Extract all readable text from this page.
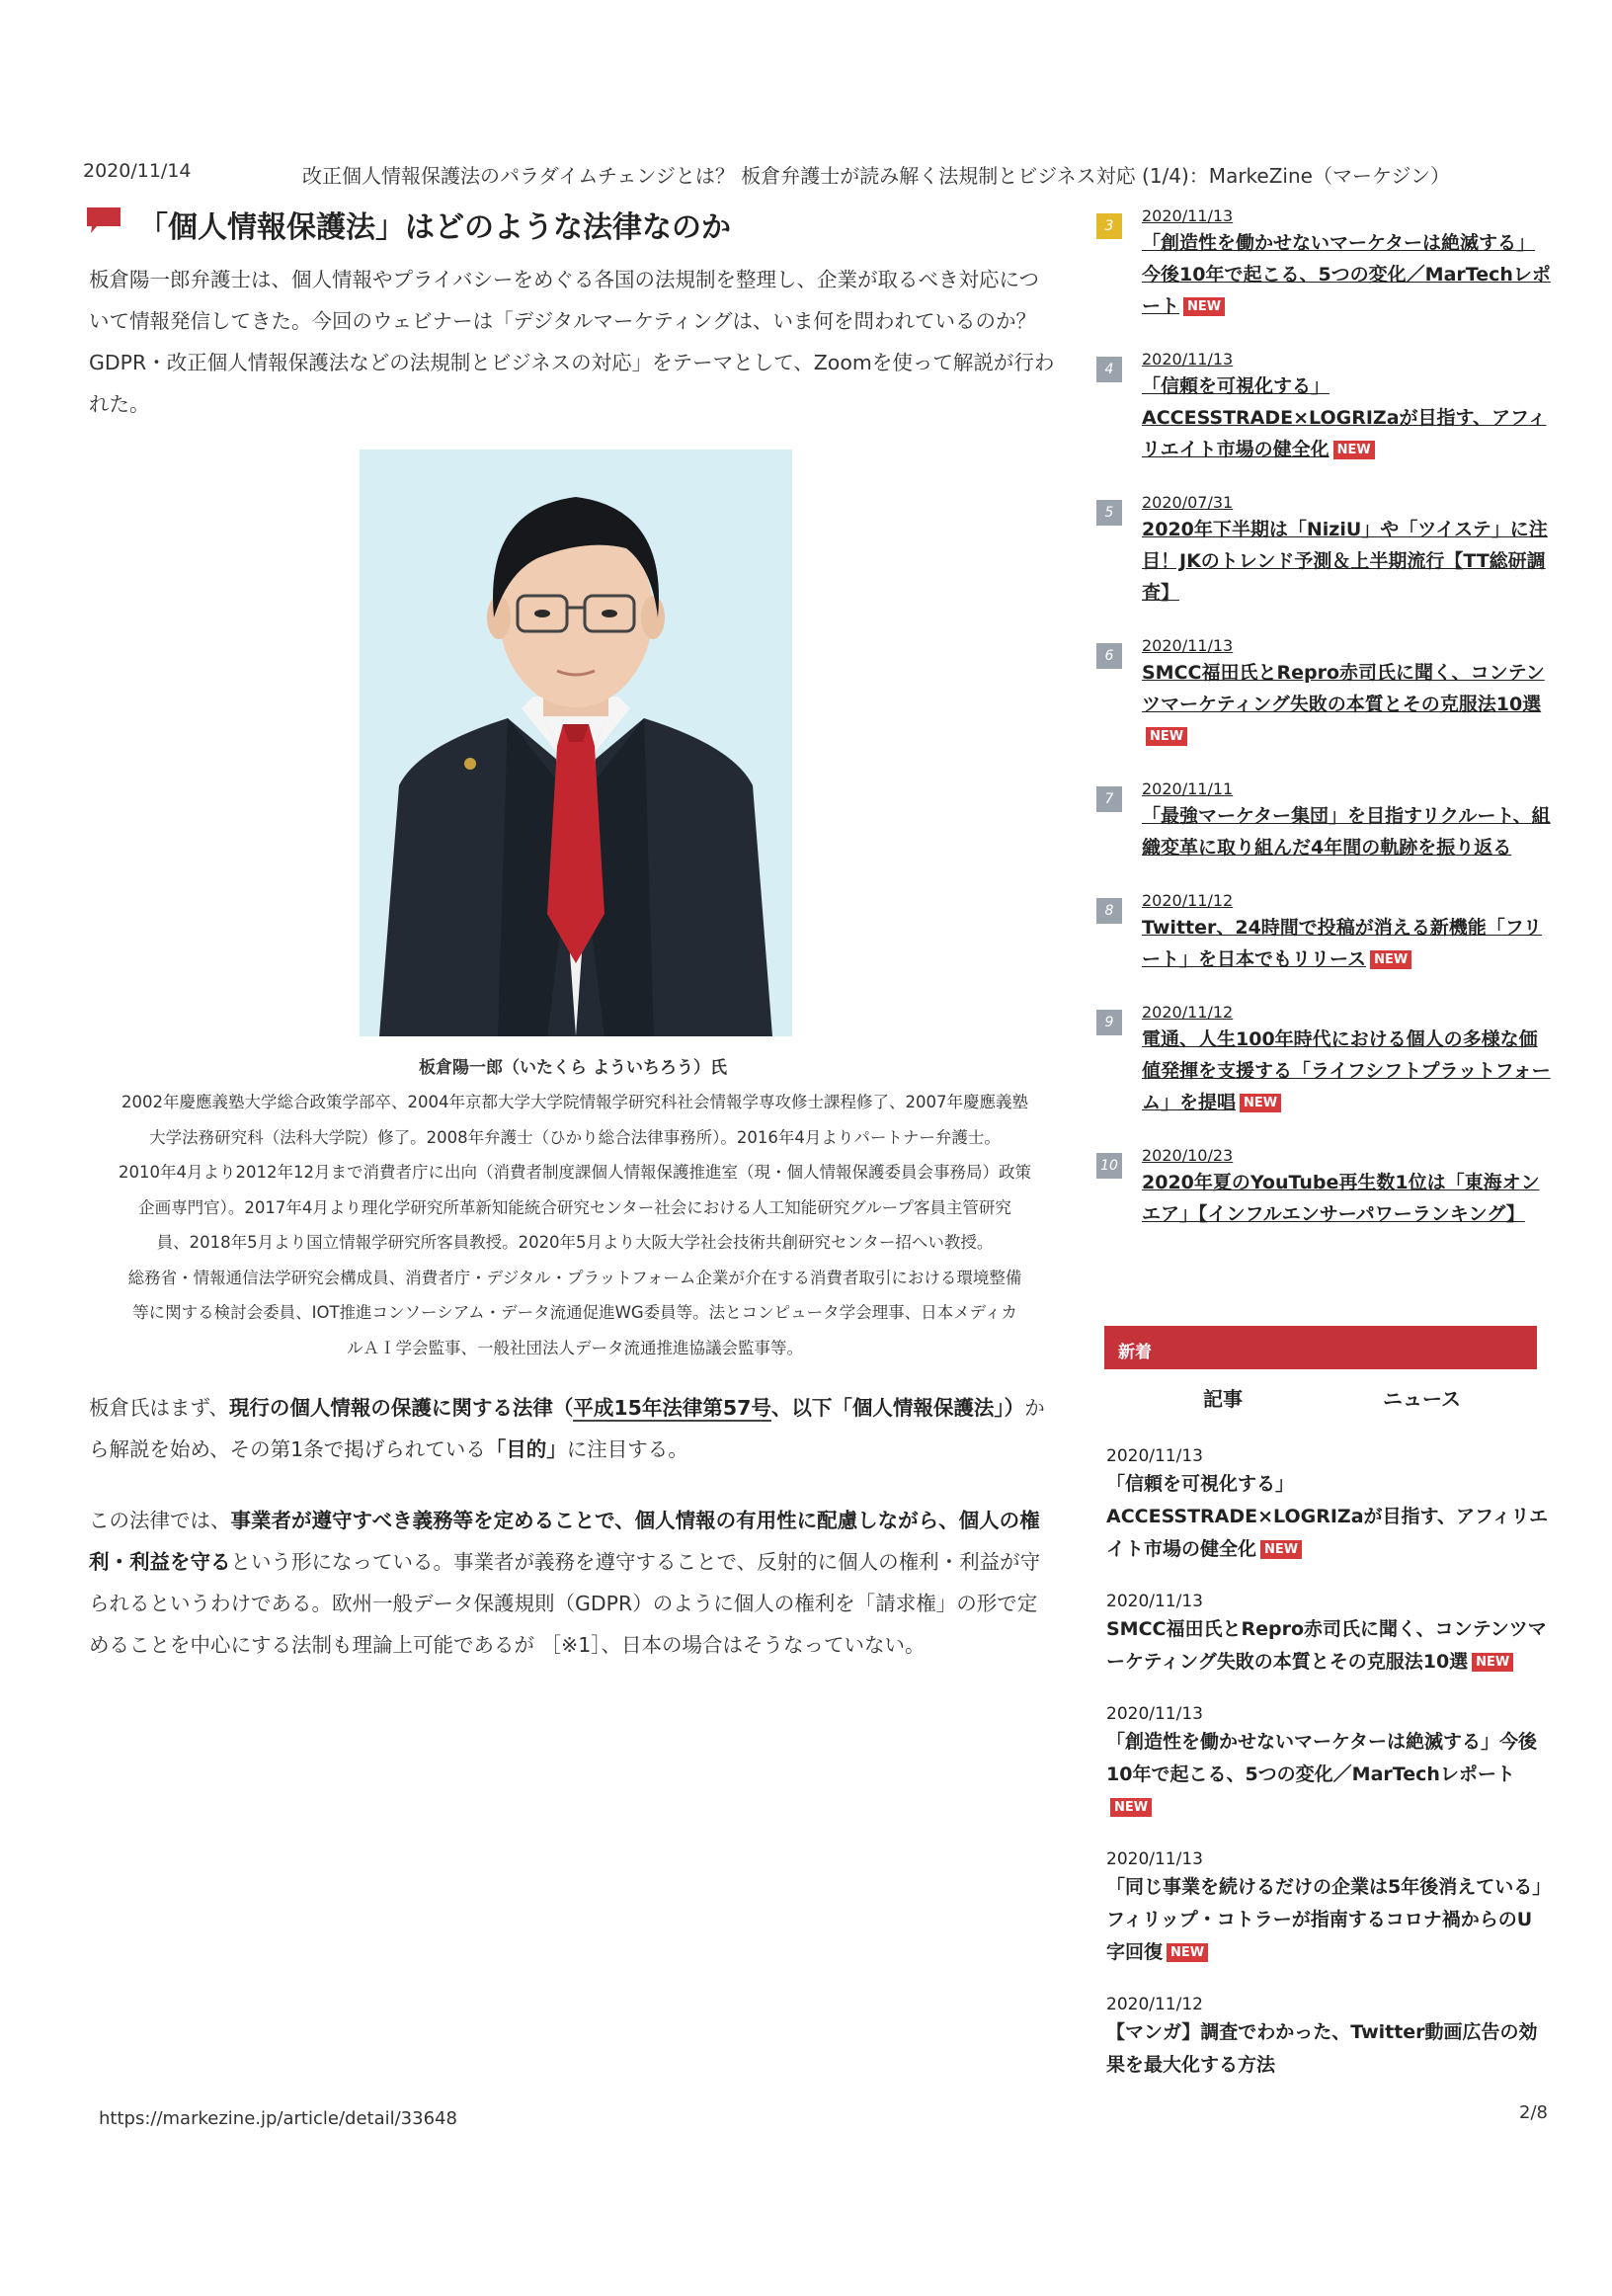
2020/11/14	改正個人情報保護法のパラダイムチェンジとは？ 板倉弁護士が読み解く法規制とビジネス対応 (1/4)：MarkeZine（マーケジン）
「個人情報保護法」はどのような法律なのか
板倉陽一郎弁護士は、個人情報やプライバシーをめぐる各国の法規制を整理し、企業が取るべき対応について情報発信してきた。今回のウェビナーは「デジタルマーケティングは、いま何を問われているのか？ GDPR・改正個人情報保護法などの法規制とビジネスの対応」をテーマとして、Zoomを使って解説が行われた。
板倉陽一郎（いたくら よういちろう）氏
2002年慶應義塾大学総合政策学部卒、2004年京都大学大学院情報学研究科社会情報学専攻修士課程修了、2007年慶應義塾
大学法務研究科（法科大学院）修了。2008年弁護士（ひかり総合法律事務所）。2016年4月よりパートナー弁護士。
2010年4月より2012年12月まで消費者庁に出向（消費者制度課個人情報保護推進室（現・個人情報保護委員会事務局）政策
企画専門官）。2017年4月より理化学研究所革新知能統合研究センター社会における人工知能研究グループ客員主管研究
員、2018年5月より国立情報学研究所客員教授。2020年5月より大阪大学社会技術共創研究センター招へい教授。
総務省・情報通信法学研究会構成員、消費者庁・デジタル・プラットフォーム企業が介在する消費者取引における環境整備
等に関する検討会委員、IOT推進コンソーシアム・データ流通促進WG委員等。法とコンピュータ学会理事、日本メディカ
ルＡＩ学会監事、一般社団法人データ流通推進協議会監事等。
板倉氏はまず、現行の個人情報の保護に関する法律（平成15年法律第57号、以下「個人情報保護法」）から解説を始め、その第1条で掲げられている「目的」に注目する。
この法律では、事業者が遵守すべき義務等を定めることで、個人情報の有用性に配慮しながら、個人の権利・利益を守るという形になっている。事業者が義務を遵守することで、反射的に個人の権利・利益が守られるというわけである。欧州一般データ保護規則（GDPR）のように個人の権利を「請求権」の形で定めることを中心にする法制も理論上可能であるが ［※1］、日本の場合はそうなっていない。
3
2020/11/13
「創造性を働かせないマーケターは絶滅する」今後10年で起こる、5つの変化／MarTechレポート NEW
4
2020/11/13
「信頼を可視化する」ACCESSTRADE×LOGRIZaが目指す、アフィリエイト市場の健全化 NEW
5
2020/07/31
2020年下半期は「NiziU」や「ツイステ」に注目！JKのトレンド予測＆上半期流行【TT総研調査】
6
2020/11/13
SMCC福田氏とRepro赤司氏に聞く、コンテンツマーケティング失敗の本質とその克服法10選NEW
7
2020/11/11
「最強マーケター集団」を目指すリクルート、組織変革に取り組んだ4年間の軌跡を振り返る
8
2020/11/12
Twitter、24時間で投稿が消える新機能「フリート」を日本でもリリース NEW
9
2020/11/12
電通、人生100年時代における個人の多様な価値発揮を支援する「ライフシフトプラットフォーム」を提唱 NEW
10
2020/10/23
2020年夏のYouTube再生数1位は「東海オンエア」【インフルエンサーパワーランキング】
新着
記事	ニュース
2020/11/13
「信頼を可視化する」ACCESSTRADE×LOGRIZaが目指す、アフィリエイト市場の健全化 NEW
2020/11/13
SMCC福田氏とRepro赤司氏に聞く、コンテンツマーケティング失敗の本質とその克服法10選 NEW
2020/11/13
「創造性を働かせないマーケターは絶滅する」今後10年で起こる、5つの変化／MarTechレポートNEW
2020/11/13
「同じ事業を続けるだけの企業は5年後消えている」フィリップ・コトラーが指南するコロナ禍からのU字回復 NEW
2020/11/12
【マンガ】調査でわかった、Twitter動画広告の効果を最大化する方法
https://markezine.jp/article/detail/33648	2/8
